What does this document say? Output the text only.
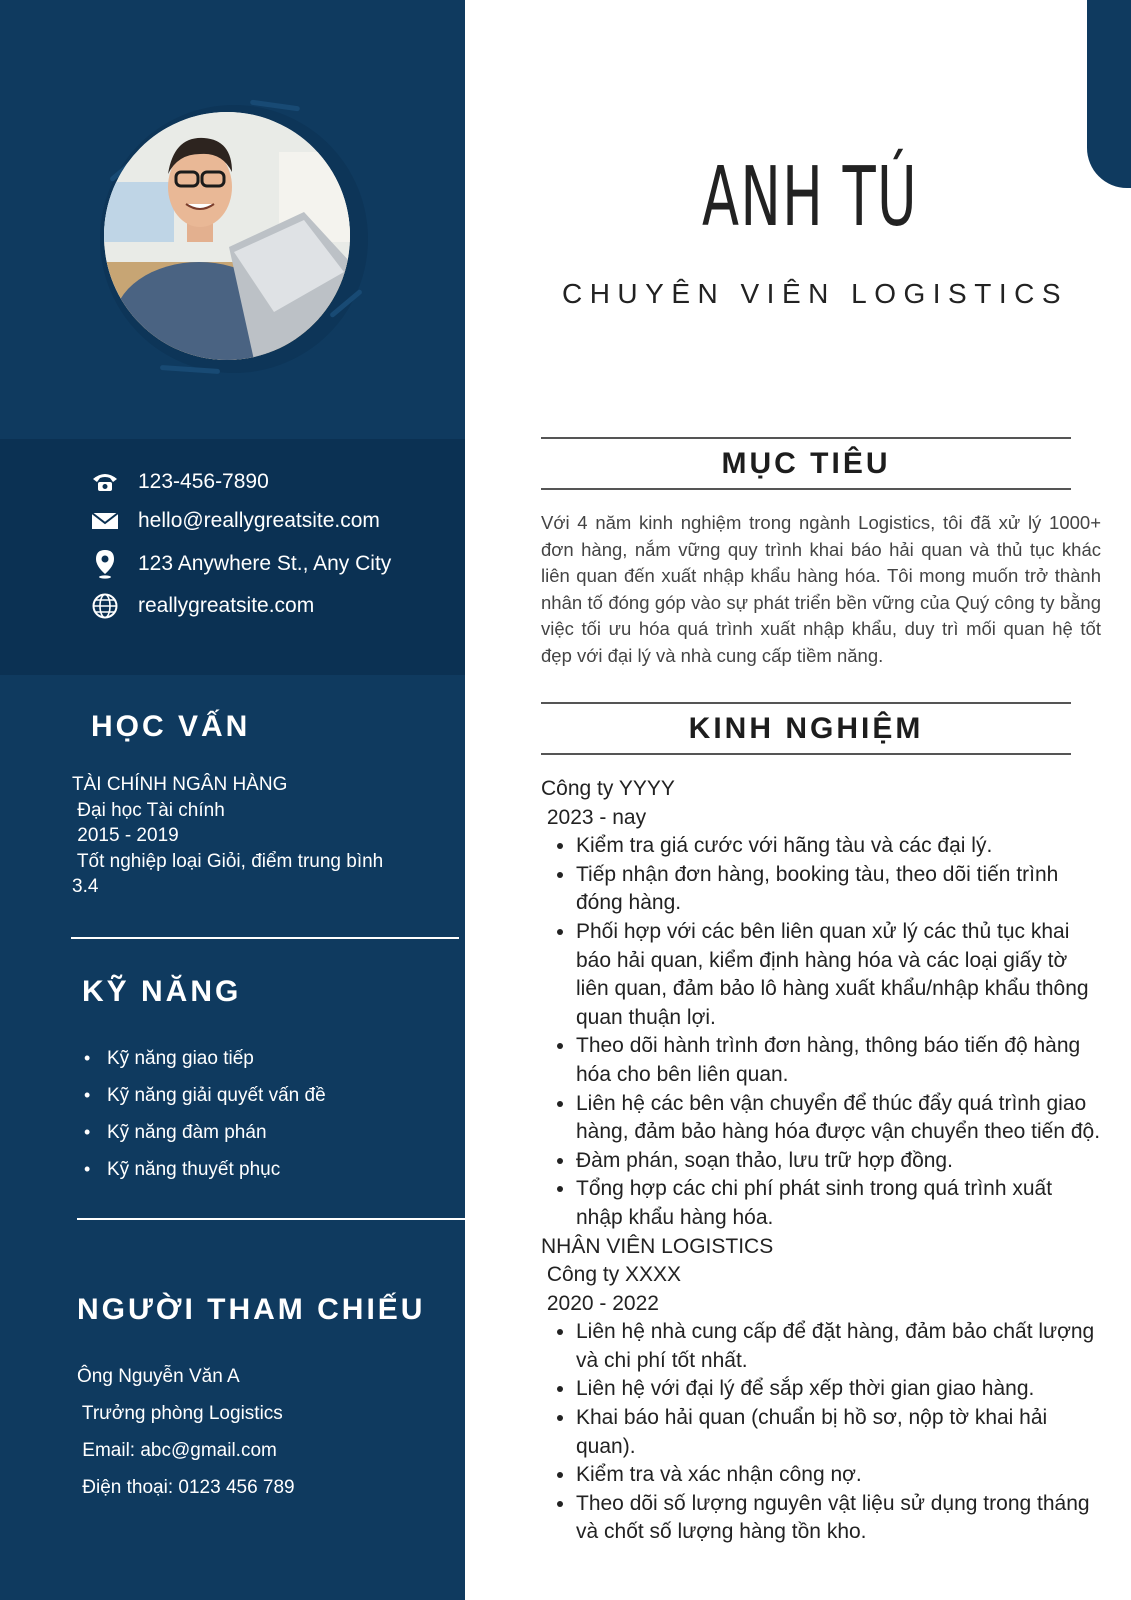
123-456-7890
hello@reallygreatsite.com
123 Anywhere St., Any City
reallygreatsite.com
HỌC VẤN
TÀI CHÍNH NGÂN HÀNG
Đại học Tài chính
2015 - 2019
Tốt nghiệp loại Giỏi, điểm trung bình
3.4
KỸ NĂNG
• Kỹ năng giao tiếp
• Kỹ năng giải quyết vấn đề
• Kỹ năng đàm phán
• Kỹ năng thuyết phục
NGƯỜI THAM CHIẾU
Ông Nguyễn Văn A
Trưởng phòng Logistics
Email: abc@gmail.com
Điện thoại: 0123 456 789
ANH TÚ
CHUYÊN VIÊN LOGISTICS
MỤC TIÊU

Với 4 năm kinh nghiệm trong ngành Logistics, tôi đã xử lý 1000+ đơn hàng, nắm vững quy trình khai báo hải quan và thủ tục khác liên quan đến xuất nhập khẩu hàng hóa. Tôi mong muốn trở thành nhân tố đóng góp vào sự phát triển bền vững của Quý công ty bằng việc tối ưu hóa quá trình xuất nhập khẩu, duy trì mối quan hệ tốt đẹp với đại lý và nhà cung cấp tiềm năng.

KINH NGHIỆM
Công ty YYYY
2023 - nay
• Kiểm tra giá cước với hãng tàu và các đại lý.
• Tiếp nhận đơn hàng, booking tàu, theo dõi tiến trình đóng hàng.
• Phối hợp với các bên liên quan xử lý các thủ tục khai báo hải quan, kiểm định hàng hóa và các loại giấy tờ liên quan, đảm bảo lô hàng xuất khẩu/nhập khẩu thông quan thuận lợi.
• Theo dõi hành trình đơn hàng, thông báo tiến độ hàng hóa cho bên liên quan.
• Liên hệ các bên vận chuyển để thúc đẩy quá trình giao hàng, đảm bảo hàng hóa được vận chuyển theo tiến độ.
• Đàm phán, soạn thảo, lưu trữ hợp đồng.
• Tổng hợp các chi phí phát sinh trong quá trình xuất nhập khẩu hàng hóa.
NHÂN VIÊN LOGISTICS
Công ty XXXX
2020 - 2022
• Liên hệ nhà cung cấp để đặt hàng, đảm bảo chất lượng và chi phí tốt nhất.
• Liên hệ với đại lý để sắp xếp thời gian giao hàng.
• Khai báo hải quan (chuẩn bị hồ sơ, nộp tờ khai hải quan).
• Kiểm tra và xác nhận công nợ.
• Theo dõi số lượng nguyên vật liệu sử dụng trong tháng và chốt số lượng hàng tồn kho.
